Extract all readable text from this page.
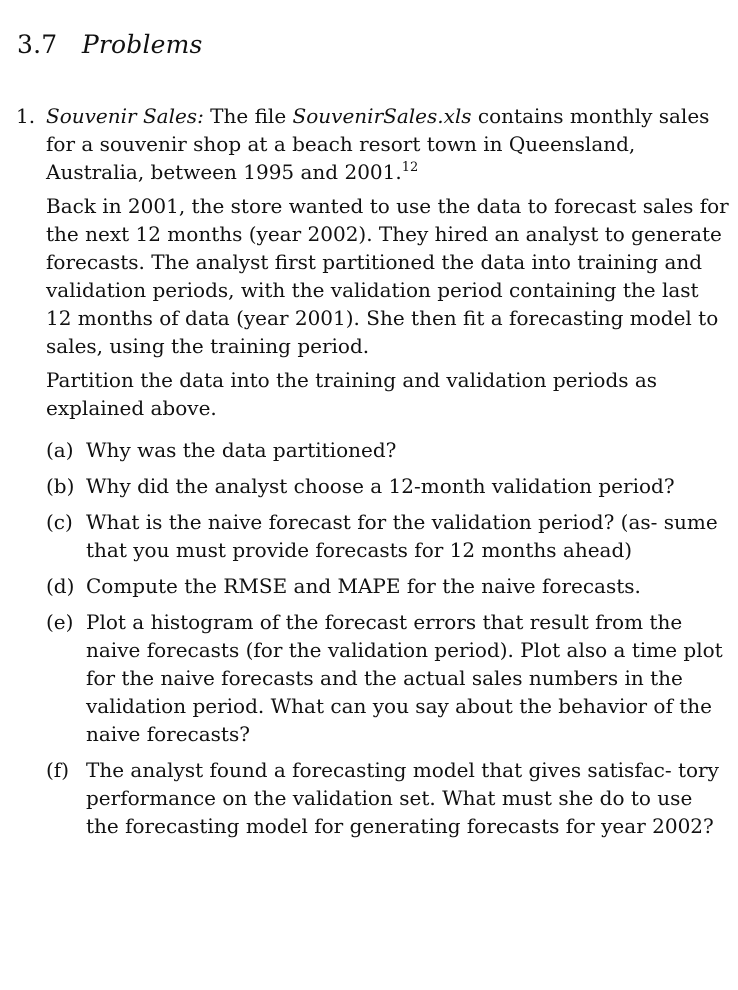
3.7 Problems

1. Souvenir Sales: The file SouvenirSales.xls contains monthly sales for a souvenir shop at a beach resort town in Queensland, Australia, between 1995 and 2001.12

Back in 2001, the store wanted to use the data to forecast sales for the next 12 months (year 2002). They hired an analyst to generate forecasts. The analyst first partitioned the data into training and validation periods, with the validation period containing the last 12 months of data (year 2001). She then fit a forecasting model to sales, using the training period.

Partition the data into the training and validation periods as explained above.

(a) Why was the data partitioned?
(b) Why did the analyst choose a 12-month validation period?
(c) What is the naive forecast for the validation period? (as- sume that you must provide forecasts for 12 months ahead)
(d) Compute the RMSE and MAPE for the naive forecasts.
(e) Plot a histogram of the forecast errors that result from the naive forecasts (for the validation period). Plot also a time plot for the naive forecasts and the actual sales numbers in the validation period. What can you say about the behavior of the naive forecasts?
(f) The analyst found a forecasting model that gives satisfac- tory performance on the validation set. What must she do to use the forecasting model for generating forecasts for year 2002?
